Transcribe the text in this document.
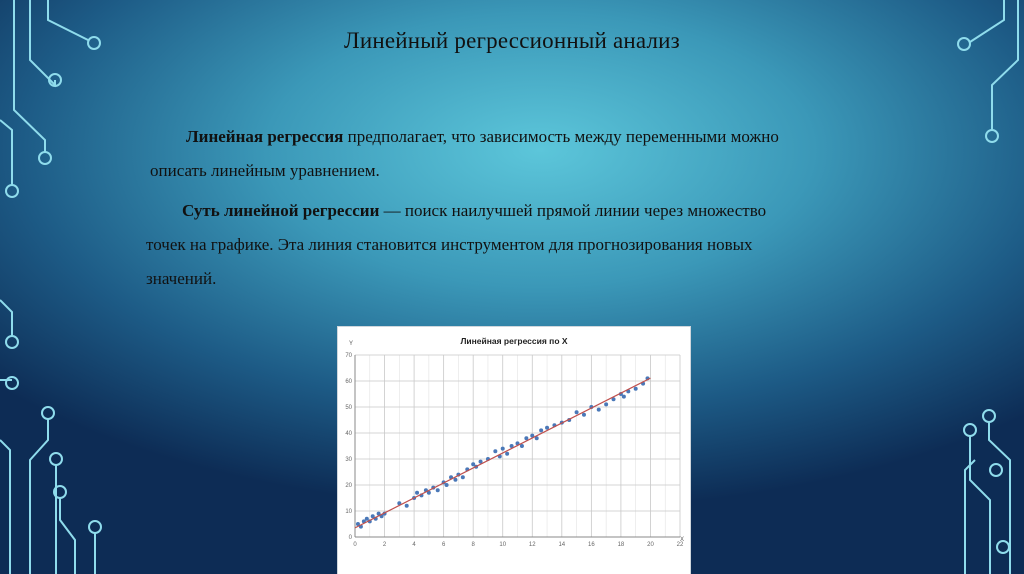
Линейный регрессионный анализ
Линейная регрессия предполагает, что зависимость между переменными можно
описать линейным уравнением.
Суть линейной регрессии — поиск наилучшей прямой линии через множество
точек на графике. Эта линия становится инструментом для прогнозирования новых
значений.
Линейная регрессия по X
0	2	4	6	8	10	12	14	16	18	20	22
0
10
20
30
40
50
60
70
X
Y
